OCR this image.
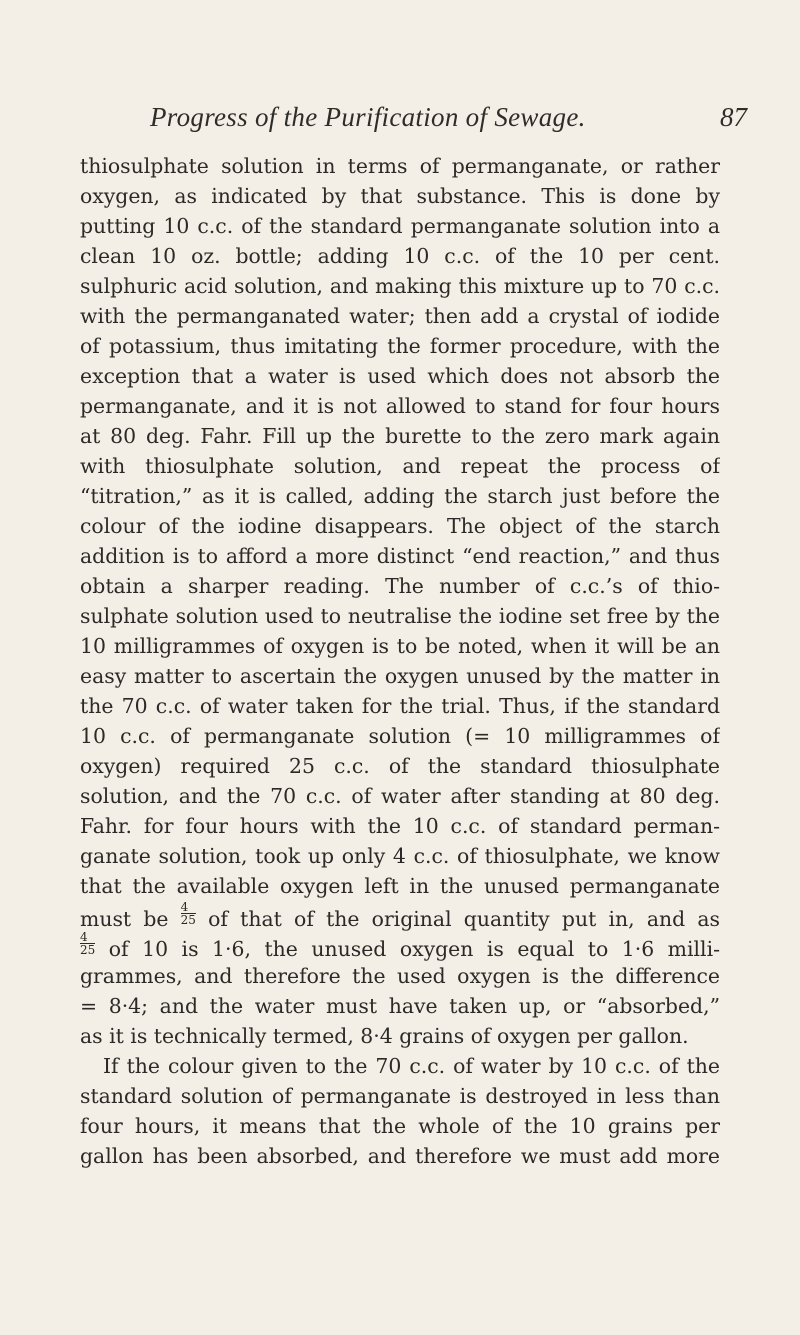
Progress of the Purification of Sewage.	87
thiosulphate solution in terms of permanganate, or rather
oxygen, as indicated by that substance. This is done by
putting 10 c.c. of the standard permanganate solution into a
clean 10 oz. bottle; adding 10 c.c. of the 10 per cent.
sulphuric acid solution, and making this mixture up to 70 c.c.
with the permanganated water; then add a crystal of iodide
of potassium, thus imitating the former procedure, with the
exception that a water is used which does not absorb the
permanganate, and it is not allowed to stand for four hours
at 80 deg. Fahr. Fill up the burette to the zero mark again
with thiosulphate solution, and repeat the process of
“titration,” as it is called, adding the starch just before the
colour of the iodine disappears. The object of the starch
addition is to afford a more distinct “end reaction,” and thus
obtain a sharper reading. The number of c.c.’s of thio-
sulphate solution used to neutralise the iodine set free by the
10 milligrammes of oxygen is to be noted, when it will be an
easy matter to ascertain the oxygen unused by the matter in
the 70 c.c. of water taken for the trial. Thus, if the standard
10 c.c. of permanganate solution (= 10 milligrammes of
oxygen) required 25 c.c. of the standard thiosulphate
solution, and the 70 c.c. of water after standing at 80 deg.
Fahr. for four hours with the 10 c.c. of standard perman-
ganate solution, took up only 4 c.c. of thiosulphate, we know
that the available oxygen left in the unused permanganate
must be $\frac{4}{25}$ of that of the original quantity put in, and as
$\frac{4}{25}$ of 10 is 1·6, the unused oxygen is equal to 1·6 milli-
grammes, and therefore the used oxygen is the difference
= 8·4; and the water must have taken up, or “absorbed,”
as it is technically termed, 8·4 grains of oxygen per gallon.
If the colour given to the 70 c.c. of water by 10 c.c. of the
standard solution of permanganate is destroyed in less than
four hours, it means that the whole of the 10 grains per
gallon has been absorbed, and therefore we must add more
